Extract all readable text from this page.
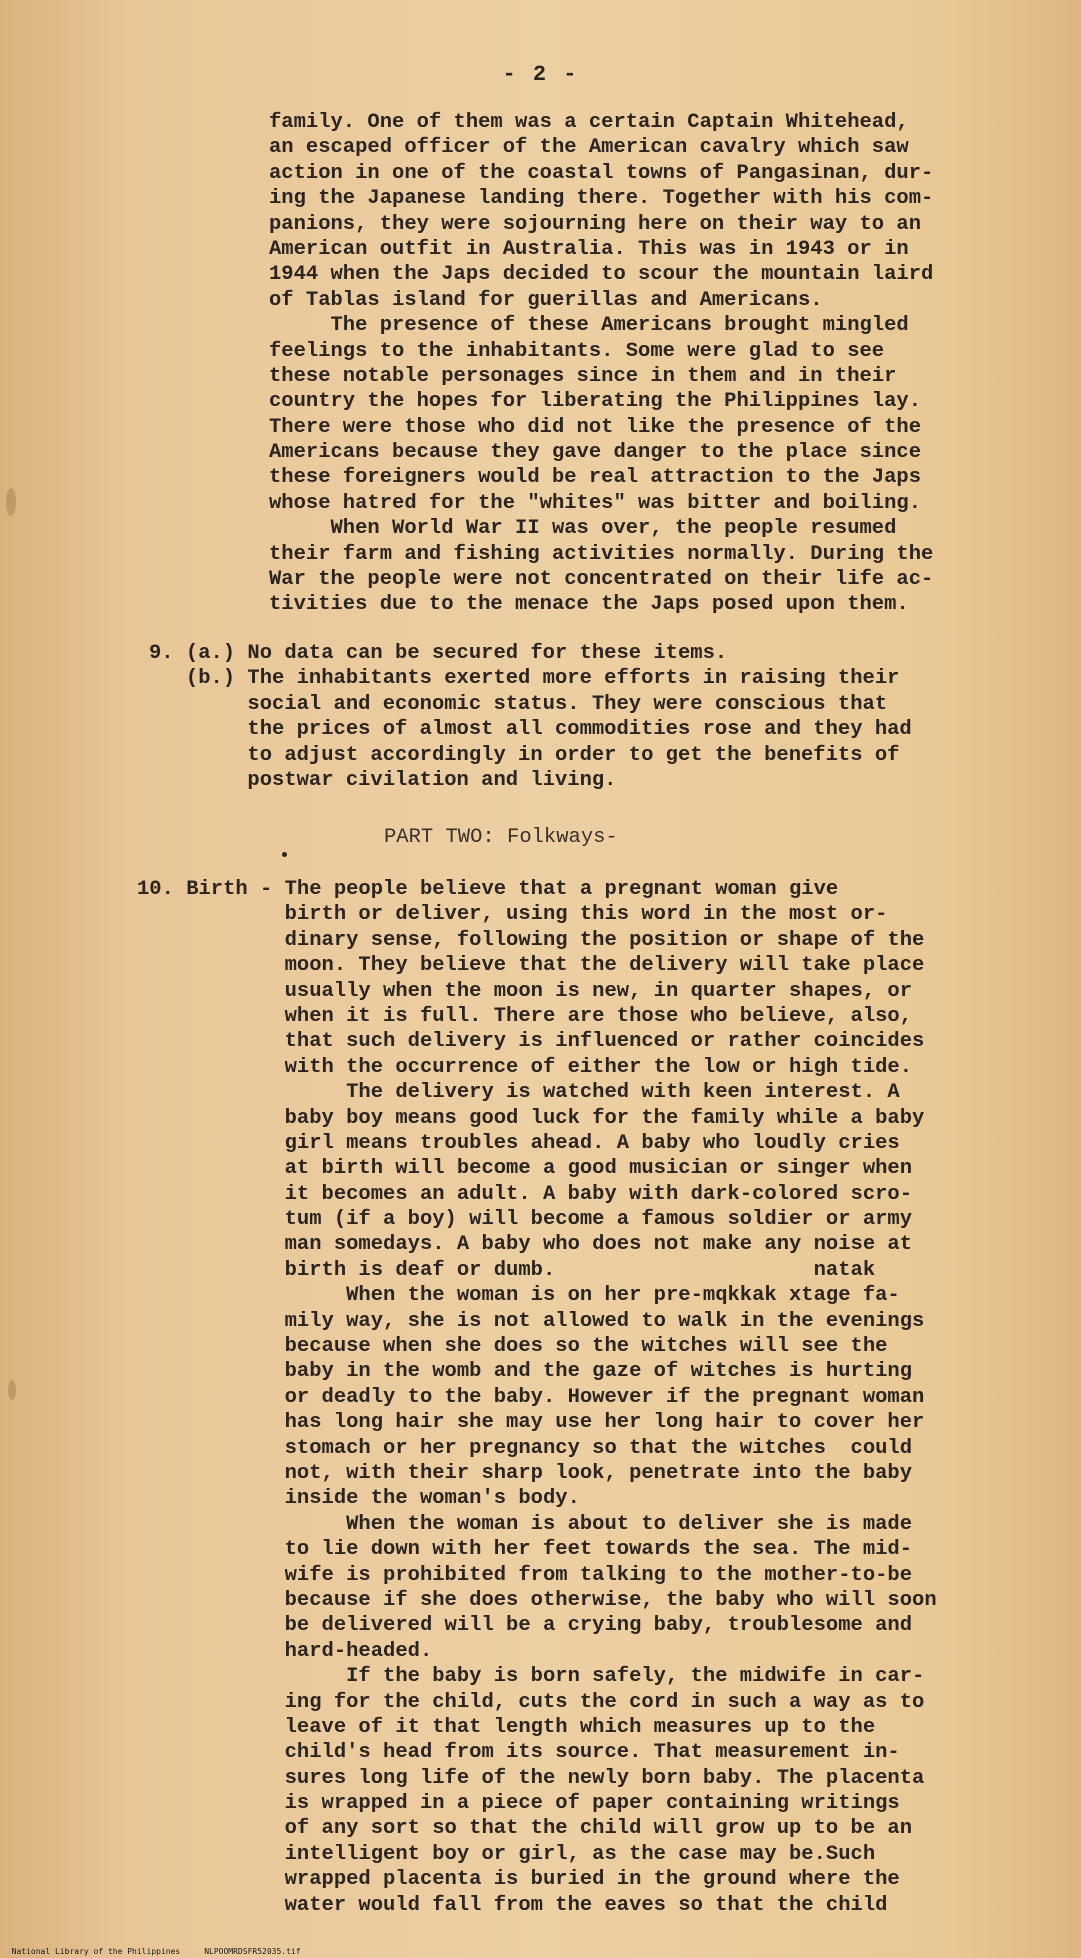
- 2 -
family. One of them was a certain Captain Whitehead,
an escaped officer of the American cavalry which saw
action in one of the coastal towns of Pangasinan, dur-
ing the Japanese landing there. Together with his com-
panions, they were sojourning here on their way to an
American outfit in Australia. This was in 1943 or in
1944 when the Japs decided to scour the mountain laird
of Tablas island for guerillas and Americans.
The presence of these Americans brought mingled
feelings to the inhabitants. Some were glad to see
these notable personages since in them and in their
country the hopes for liberating the Philippines lay.
There were those who did not like the presence of the
Americans because they gave danger to the place since
these foreigners would be real attraction to the Japs
whose hatred for the "whites" was bitter and boiling.
When World War II was over, the people resumed
their farm and fishing activities normally. During the
War the people were not concentrated on their life ac-
tivities due to the menace the Japs posed upon them.
9. (a.) No data can be secured for these items.
(b.) The inhabitants exerted more efforts in raising their
social and economic status. They were conscious that
the prices of almost all commodities rose and they had
to adjust accordingly in order to get the benefits of
postwar civilation and living.
PART TWO: Folkways-
10. Birth - The people believe that a pregnant woman give
birth or deliver, using this word in the most or-
dinary sense, following the position or shape of the
moon. They believe that the delivery will take place
usually when the moon is new, in quarter shapes, or
when it is full. There are those who believe, also,
that such delivery is influenced or rather coincides
with the occurrence of either the low or high tide.
The delivery is watched with keen interest. A
baby boy means good luck for the family while a baby
girl means troubles ahead. A baby who loudly cries
at birth will become a good musician or singer when
it becomes an adult. A baby with dark-colored scro-
tum (if a boy) will become a famous soldier or army
man somedays. A baby who does not make any noise at
birth is deaf or dumb.                     natak
When the woman is on her pre-mqkkak xtage fa-
mily way, she is not allowed to walk in the evenings
because when she does so the witches will see the
baby in the womb and the gaze of witches is hurting
or deadly to the baby. However if the pregnant woman
has long hair she may use her long hair to cover her
stomach or her pregnancy so that the witches  could
not, with their sharp look, penetrate into the baby
inside the woman's body.
When the woman is about to deliver she is made
to lie down with her feet towards the sea. The mid-
wife is prohibited from talking to the mother-to-be
because if she does otherwise, the baby who will soon
be delivered will be a crying baby, troublesome and
hard-headed.
If the baby is born safely, the midwife in car-
ing for the child, cuts the cord in such a way as to
leave of it that length which measures up to the
child's head from its source. That measurement in-
sures long life of the newly born baby. The placenta
is wrapped in a piece of paper containing writings
of any sort so that the child will grow up to be an
intelligent boy or girl, as the case may be.Such
wrapped placenta is buried in the ground where the
water would fall from the eaves so that the child

National Library of the Philippines	NLPOOMRDSFR52035.tif
